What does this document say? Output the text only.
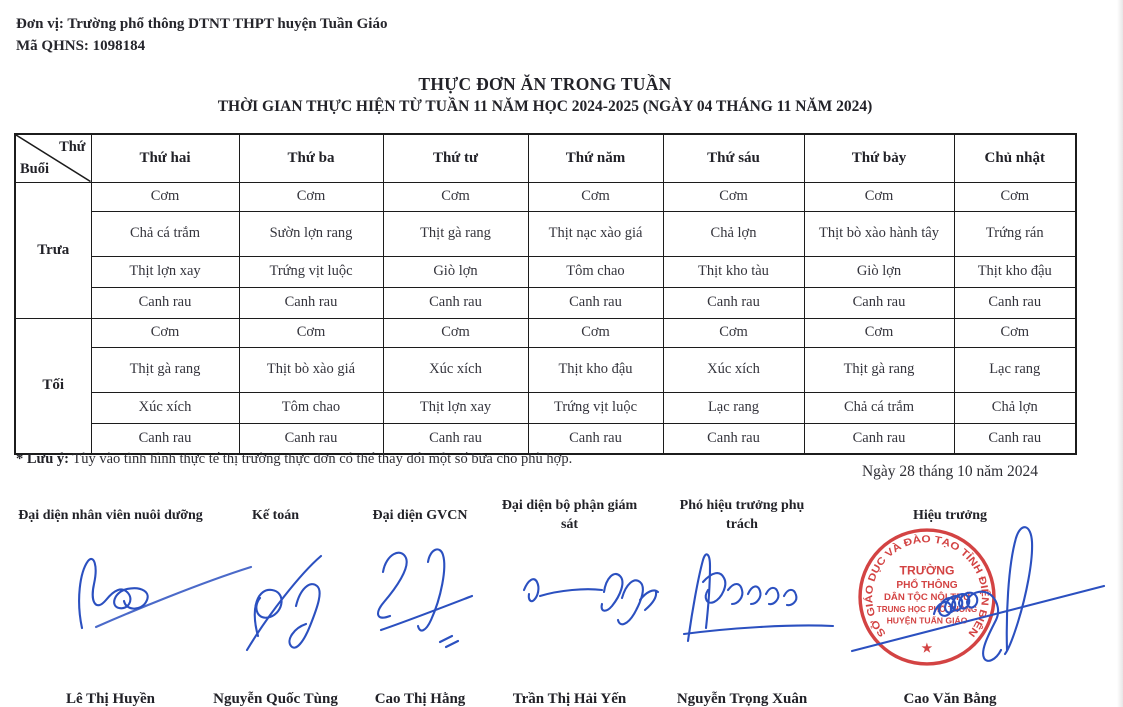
Đơn vị: Trường phổ thông DTNT THPT huyện Tuần Giáo
Mã QHNS: 1098184
THỰC ĐƠN ĂN TRONG TUẦN
THỜI GIAN THỰC HIỆN TỪ TUẦN 11 NĂM HỌC 2024-2025 (NGÀY 04 THÁNG 11 NĂM 2024)
Thứ
Buổi	Thứ hai	Thứ ba	Thứ tư	Thứ năm	Thứ sáu	Thứ bảy	Chủ nhật
Trưa	Cơm	Cơm	Cơm	Cơm	Cơm	Cơm	Cơm
	Chả cá trắm	Sườn lợn rang	Thịt gà rang	Thịt nạc xào giá	Chả lợn	Thịt bò xào hành tây	Trứng rán
	Thịt lợn xay	Trứng vịt luộc	Giò lợn	Tôm chao	Thịt kho tàu	Giò lợn	Thịt kho đậu
	Canh rau	Canh rau	Canh rau	Canh rau	Canh rau	Canh rau	Canh rau
Tối	Cơm	Cơm	Cơm	Cơm	Cơm	Cơm	Cơm
	Thịt gà rang	Thịt bò xào giá	Xúc xích	Thịt kho đậu	Xúc xích	Thịt gà rang	Lạc rang
	Xúc xích	Tôm chao	Thịt lợn xay	Trứng vịt luộc	Lạc rang	Chả cá trắm	Chả lợn
	Canh rau	Canh rau	Canh rau	Canh rau	Canh rau	Canh rau	Canh rau
* Lưu ý: Tùy vào tình hình thực tế thị trường thực đơn có thể thay đổi một số bữa cho phù hợp.
Ngày 28 tháng 10 năm 2024
SỞ GIÁO DỤC VÀ ĐÀO TẠO TỈNH ĐIỆN BIÊN
TRƯỜNG
PHỔ THÔNG
DÂN TỘC NỘI TRÚ
TRUNG HỌC PHỔ THÔNG
HUYỆN TUẤN GIÁO
★
Đại diện nhân viên nuôi dưỡng
Lê Thị Huyền
Kế toán
Nguyễn Quốc Tùng
Đại diện GVCN
Cao Thị Hằng
Đại diện bộ phận giám sát
Trần Thị Hải Yến
Phó hiệu trưởng phụ trách
Nguyễn Trọng Xuân
Hiệu trưởng
Cao Văn Bằng
